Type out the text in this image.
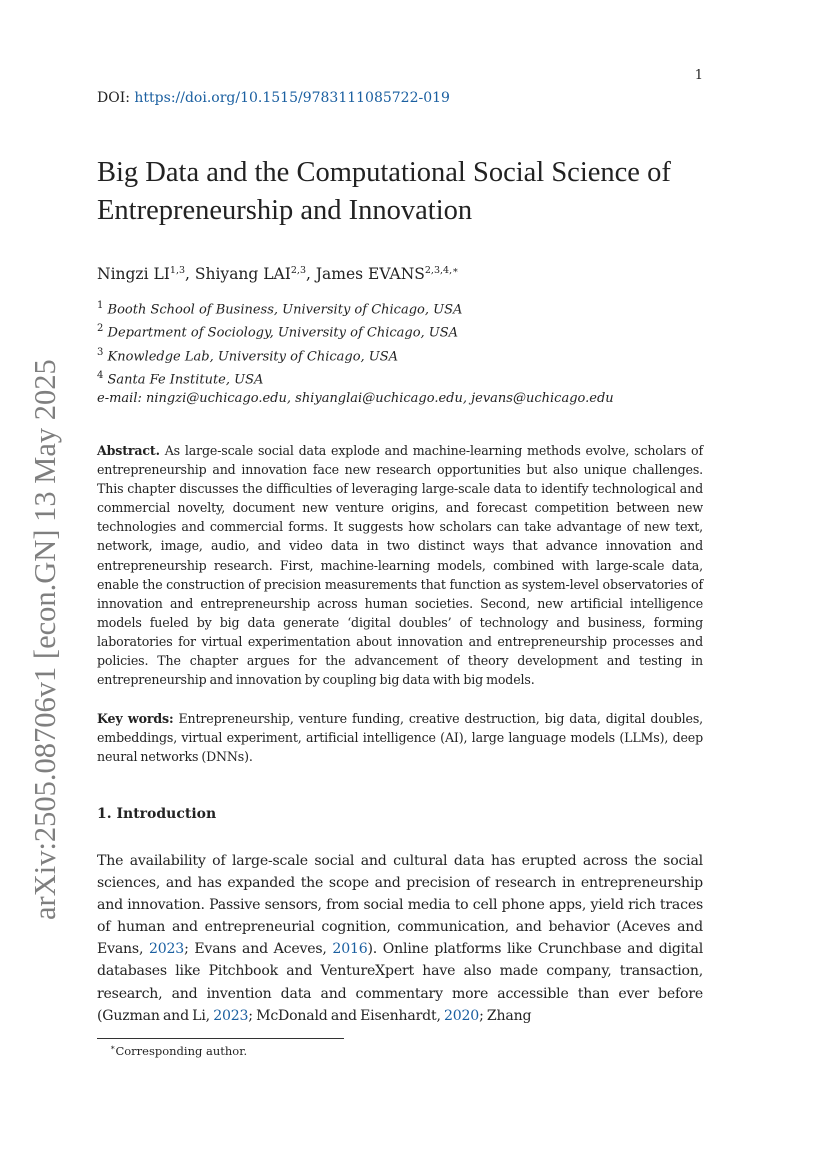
arXiv:2505.08706v1 [econ.GN] 13 May 2025
1
DOI: https://doi.org/10.1515/9783111085722-019
Big Data and the Computational Social Science of Entrepreneurship and Innovation
Ningzi LI$^{1,3}$, Shiyang LAI$^{2,3}$, James $EVANS^{2,3,4,∗}$
$^1$ Booth School of Business, University of Chicago, USA
$^2$ Department of Sociology, University of Chicago, USA
$^3$ Knowledge Lab, University of Chicago, USA
$^4$ Santa Fe Institute, USA
e-mail: ningzi@uchicago.edu, shiyanglai@uchicago.edu, jevans@uchicago.edu

Abstract. As large-scale social data explode and machine-learning methods evolve, scholars of entrepreneurship and innovation face new research opportunities but also unique challenges. This chapter discusses the difficulties of leveraging large-scale data to identify technological and commercial novelty, document new venture origins, and forecast competition between new technologies and commercial forms. It suggests how scholars can take advantage of new text, network, image, audio, and video data in two distinct ways that advance innovation and entrepreneurship research. First, machine-learning models, combined with large-scale data, enable the construction of precision measurements that function as system-level observatories of innovation and entrepreneurship across human societies. Second, new artificial intelligence models fueled by big data generate ‘digital doubles’ of technology and business, forming laboratories for virtual experimentation about innovation and entrepreneurship processes and policies. The chapter argues for the advancement of theory development and testing in entrepreneurship and innovation by coupling big data with big models.

Key words: Entrepreneurship, venture funding, creative destruction, big data, digital doubles, embeddings, virtual experiment, artificial intelligence (AI), large language models (LLMs), deep neural networks (DNNs).

1. Introduction

The availability of large-scale social and cultural data has erupted across the social sciences, and has expanded the scope and precision of research in entrepreneurship and innovation. Passive sensors, from social media to cell phone apps, yield rich traces of human and entrepreneurial cognition, communication, and behavior (Aceves and Evans, 2023; Evans and Aceves, 2016). Online platforms like Crunchbase and digital databases like Pitchbook and VentureXpert have also made company, transaction, research, and invention data and commentary more accessible than ever before (Guzman and Li, 2023; McDonald and Eisenhardt, 2020; Zhang

∗Corresponding author.
